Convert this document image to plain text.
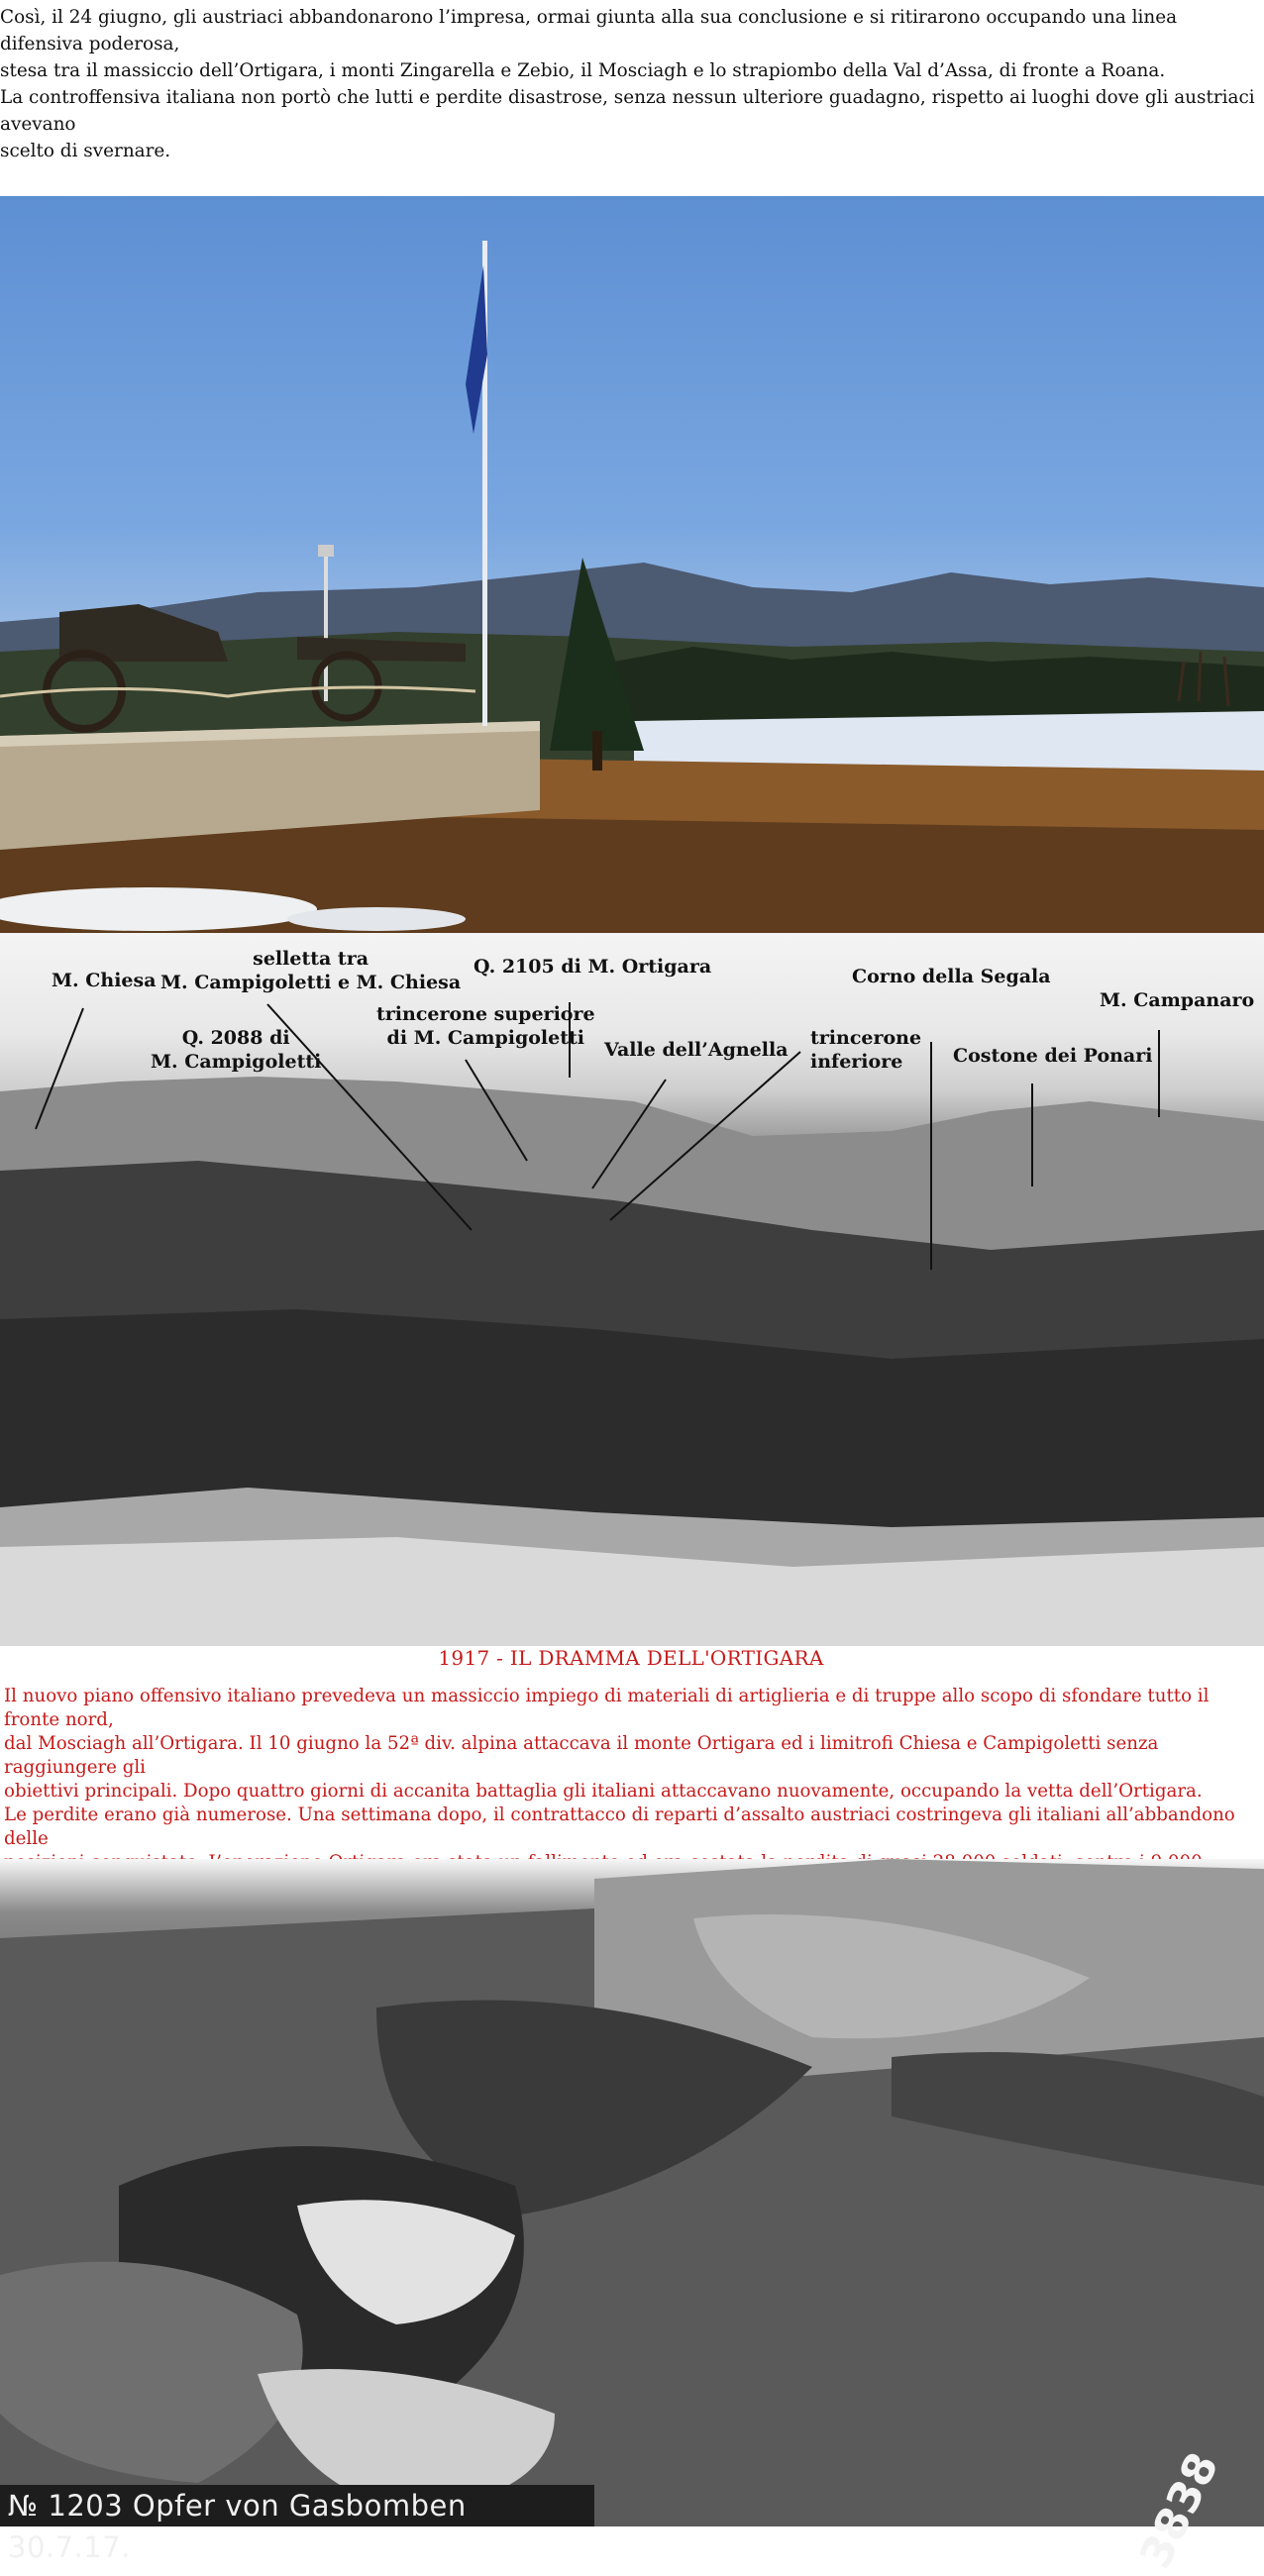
Così, il 24 giugno, gli austriaci abbandonarono l’impresa, ormai giunta alla sua conclusione e si ritirarono occupando una linea difensiva poderosa,

stesa tra il massiccio dell’Ortigara, i monti Zingarella e Zebio, il Mosciagh e lo strapiombo della Val d’Assa, di fronte a Roana.

La controffensiva italiana non portò che lutti e perdite disastrose, senza nessun ulteriore guadagno, rispetto ai luoghi dove gli austriaci avevano

scelto di svernare.

M. Chiesa
selletta tra
M. Campigoletti e M. Chiesa
Q. 2088 di
M. Campigoletti
Q. 2105 di M. Ortigara
trincerone superiore
di M. Campigoletti
Valle dell’Agnella
trincerone
inferiore
Corno della Segala
Costone dei Ponari
M. Campanaro
1917 - IL DRAMMA DELL'ORTIGARA

Il nuovo piano offensivo italiano prevedeva un massiccio impiego di materiali di artiglieria e di truppe allo scopo di sfondare tutto il fronte nord,

dal Mosciagh all’Ortigara. Il 10 giugno la 52ª div. alpina attaccava il monte Ortigara ed i limitrofi Chiesa e Campigoletti senza raggiungere gli

obiettivi principali. Dopo quattro giorni di accanita battaglia gli italiani attaccavano nuovamente, occupando la vetta dell’Ortigara.

Le perdite erano già numerose. Una settimana dopo, il contrattacco di reparti d’assalto austriaci costringeva gli italiani all’abbandono delle

3838
№ 1203 Opfer von Gasbomben 30.7.17.
